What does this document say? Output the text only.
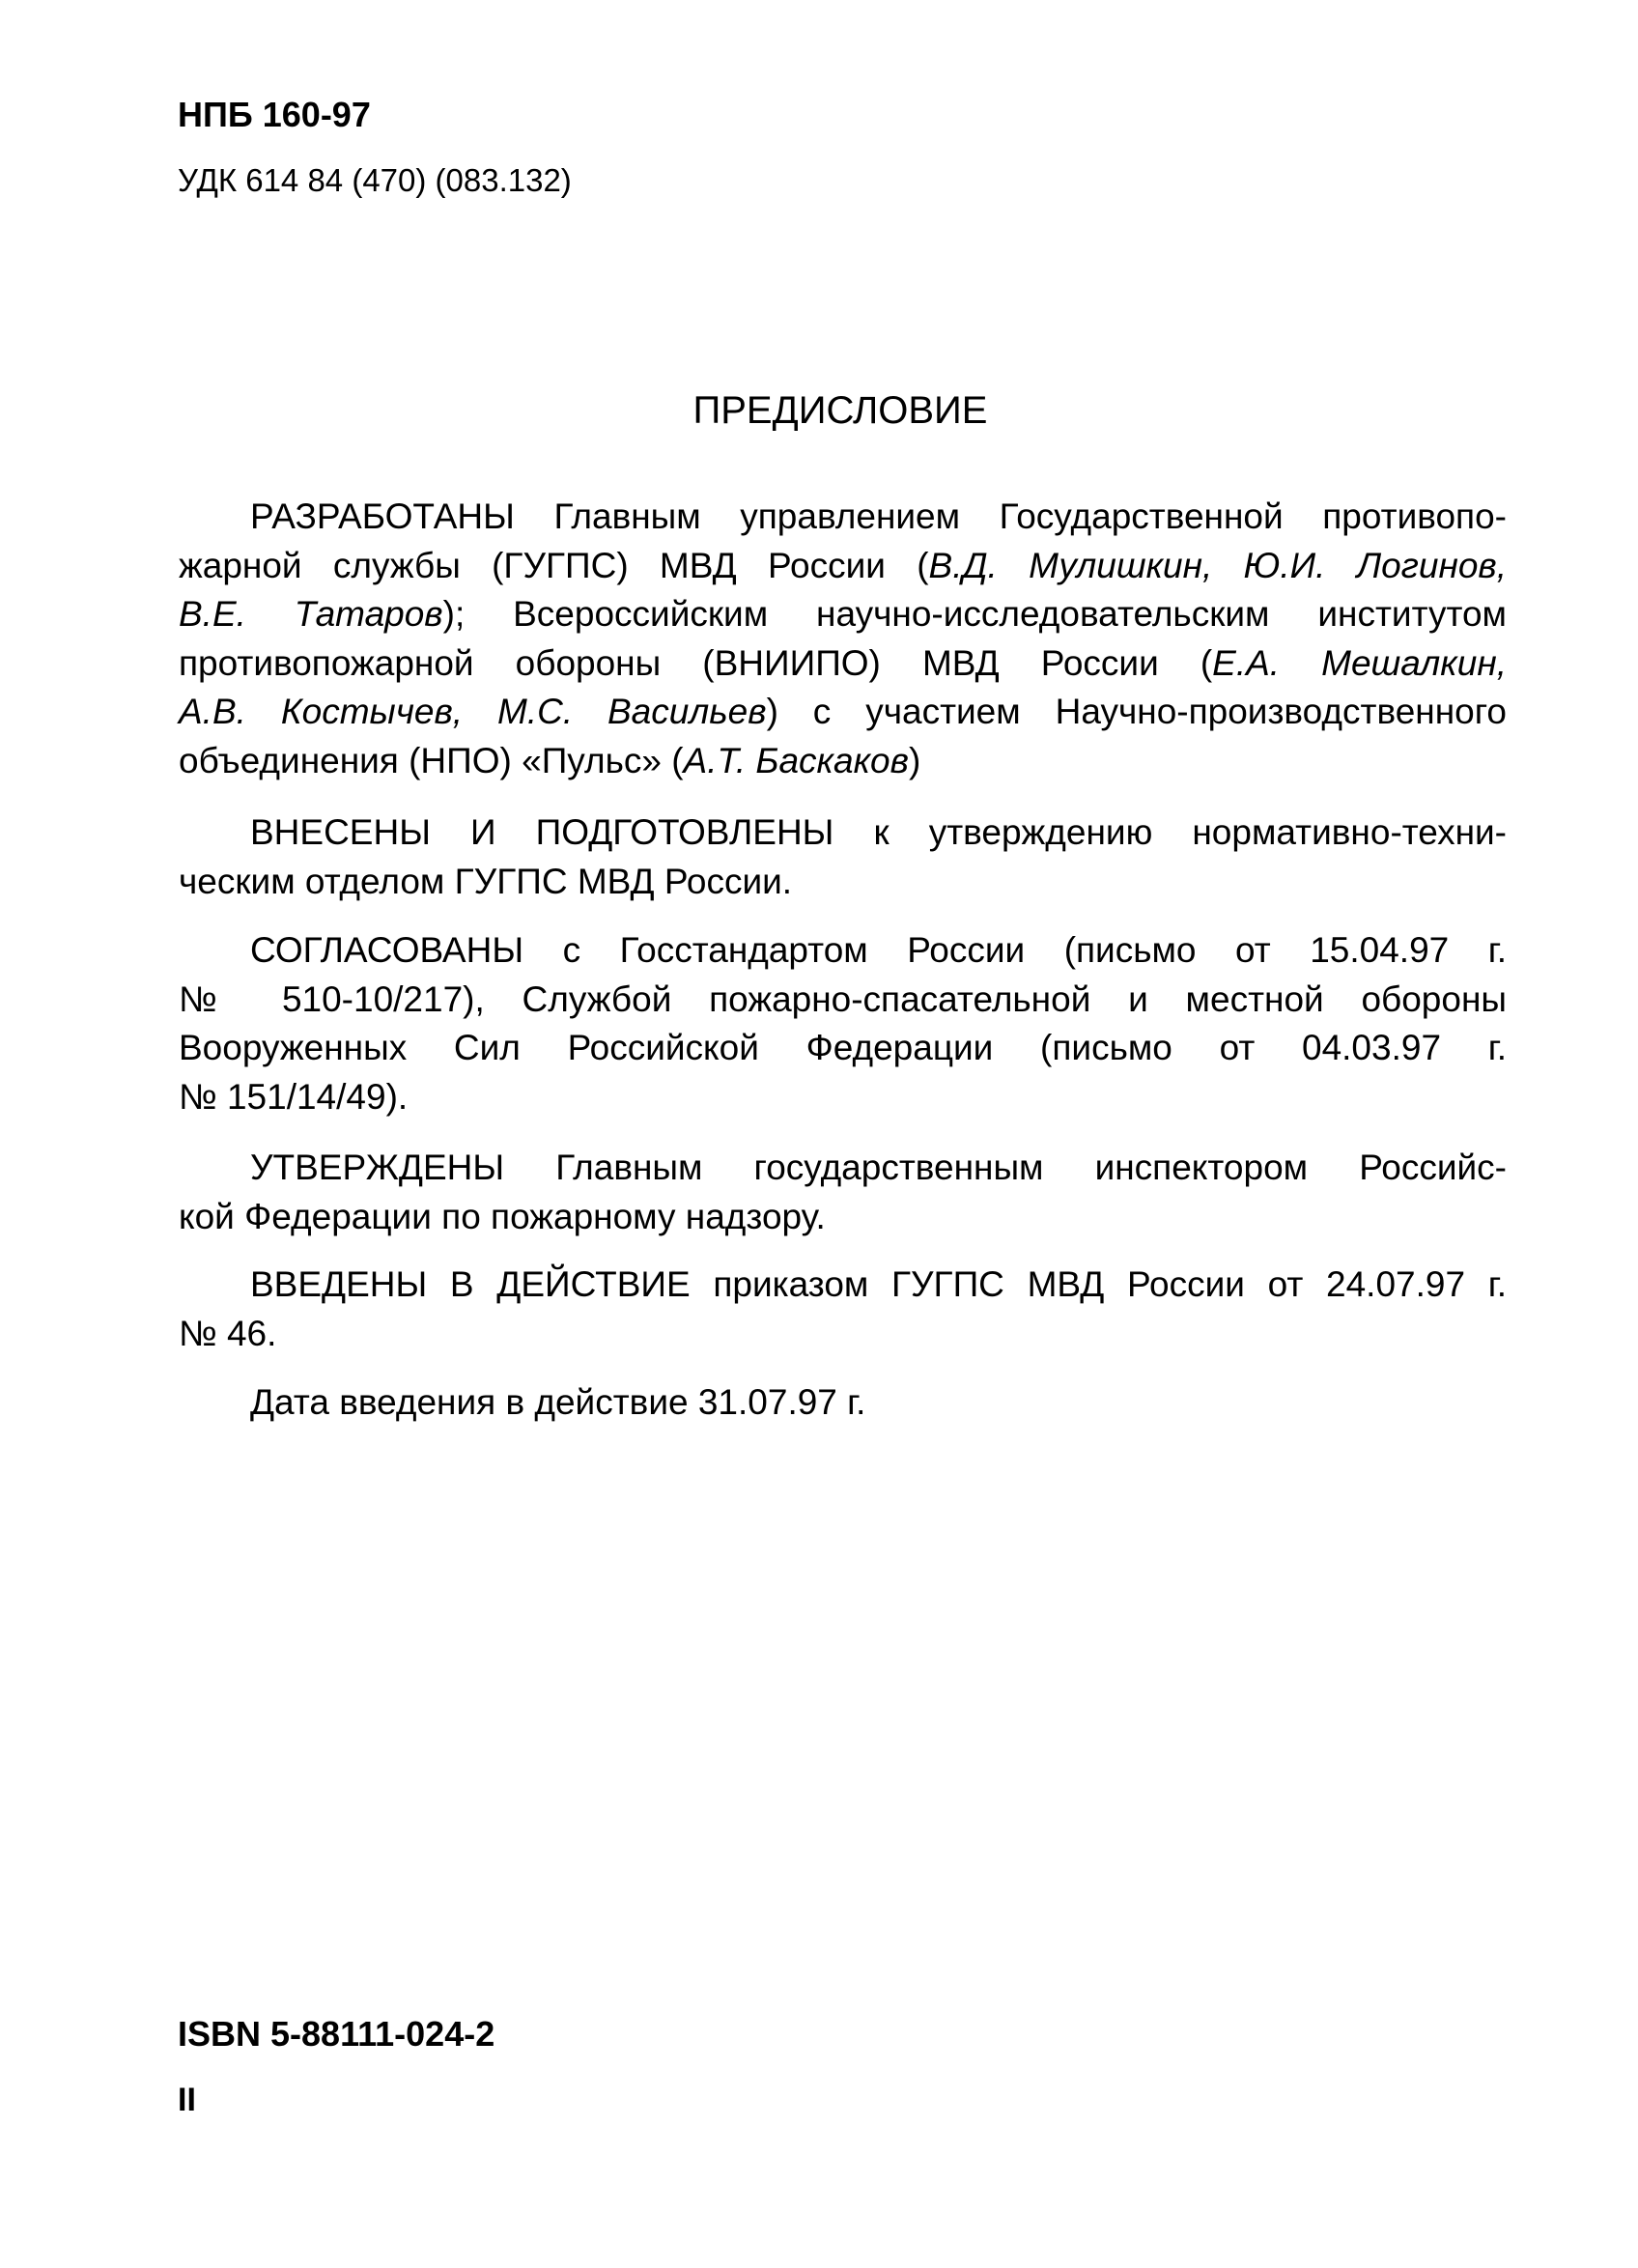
НПБ 160-97
УДК 614 84 (470) (083.132)
ПРЕДИСЛОВИЕ
РАЗРАБОТАНЫ Главным управлением Государственной противопо-
жарной службы (ГУГПС) МВД России (В.Д. Мулишкин, Ю.И. Логинов,
В.Е. Татаров); Всероссийским научно-исследовательским институтом
противопожарной обороны (ВНИИПО) МВД России (Е.А. Мешалкин,
А.В. Костычев, М.С. Васильев) с участием Научно-производственного
объединения (НПО) «Пульс» (А.Т. Баскаков)
ВНЕСЕНЫ И ПОДГОТОВЛЕНЫ к утверждению нормативно-техни-
ческим отделом ГУГПС МВД России.
СОГЛАСОВАНЫ с Госстандартом России (письмо от 15.04.97 г.
№ 510-10/217), Службой пожарно-спасательной и местной обороны
Вооруженных Сил Российской Федерации (письмо от 04.03.97 г.
№ 151/14/49).
УТВЕРЖДЕНЫ Главным государственным инспектором Российс-
кой Федерации по пожарному надзору.
ВВЕДЕНЫ В ДЕЙСТВИЕ приказом ГУГПС МВД России от 24.07.97 г.
№ 46.
Дата введения в действие 31.07.97 г.
ISBN 5-88111-024-2
II
